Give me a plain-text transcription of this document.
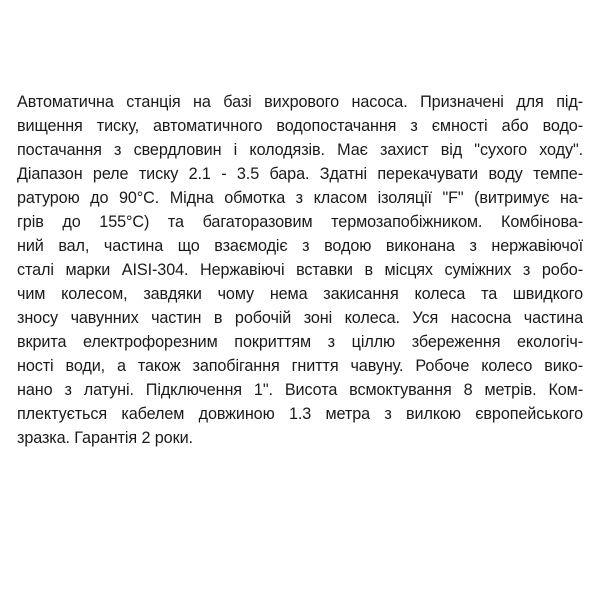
Автоматична станція на базі вихрового насоса. Призначені для під-
вищення тиску, автоматичного водопостачання з ємності або водо-
постачання з свердловин і колодязів. Має захист від "сухого ходу".
Діапазон реле тиску 2.1 - 3.5 бара. Здатні перекачувати воду темпе-
ратурою до 90°С. Мідна обмотка з класом ізоляції "F" (витримує на-
грів до 155°С) та багаторазовим термозапобіжником. Комбінова-
ний вал, частина що взаємодіє з водою виконана з нержавіючої
сталі марки AISI-304. Нержавіючі вставки в місцях суміжних з робо-
чим колесом, завдяки чому нема закисання колеса та швидкого
зносу чавунних частин в робочій зоні колеса. Уся насосна частина
вкрита електрофорезним покриттям з ціллю збереження екологіч-
ності води, а також запобігання гниття чавуну. Робоче колесо вико-
нано з латуні. Підключення 1". Висота всмоктування 8 метрів. Ком-
плектується кабелем довжиною 1.3 метра з вилкою європейського
зразка. Гарантія 2 роки.
